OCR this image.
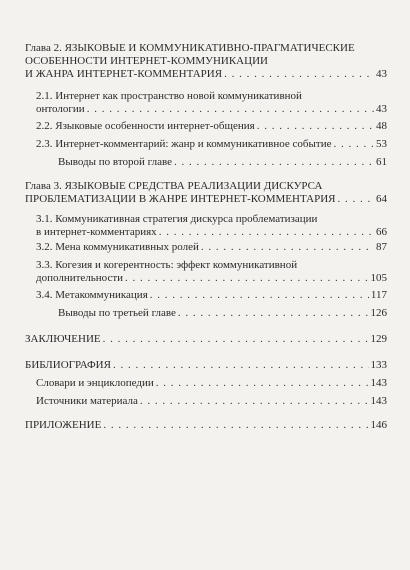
Глава 2. ЯЗЫКОВЫЕ И КОММУНИКАТИВНО-ПРАГМАТИЧЕСКИЕ
ОСОБЕННОСТИ ИНТЕРНЕТ-КОММУНИКАЦИИ
И ЖАНРА ИНТЕРНЕТ-КОММЕНТАРИЯ . . .	43
2.1. Интернет как пространство новой коммуникативной
онтологии . . .	43
2.2. Языковые особенности интернет-общения . . .	48
2.3. Интернет-комментарий: жанр и коммуникативное событие . . .	53
Выводы по второй главе . . .	61
Глава 3. ЯЗЫКОВЫЕ СРЕДСТВА РЕАЛИЗАЦИИ ДИСКУРСА
ПРОБЛЕМАТИЗАЦИИ В ЖАНРЕ ИНТЕРНЕТ-КОММЕНТАРИЯ . . .	64
3.1. Коммуникативная стратегия дискурса проблематизации
в интернет-комментариях . . .	66
3.2. Мена коммуникативных ролей . . .	87
3.3. Когезия и когерентность: эффект коммуникативной
дополнительности . . .	105
3.4. Метакоммуникация . . .	117
Выводы по третьей главе . . .	126
ЗАКЛЮЧЕНИЕ . . .	129
БИБЛИОГРАФИЯ . . .	133
Словари и энциклопедии . . .	143
Источники материала . . .	143
ПРИЛОЖЕНИЕ . . .	146
